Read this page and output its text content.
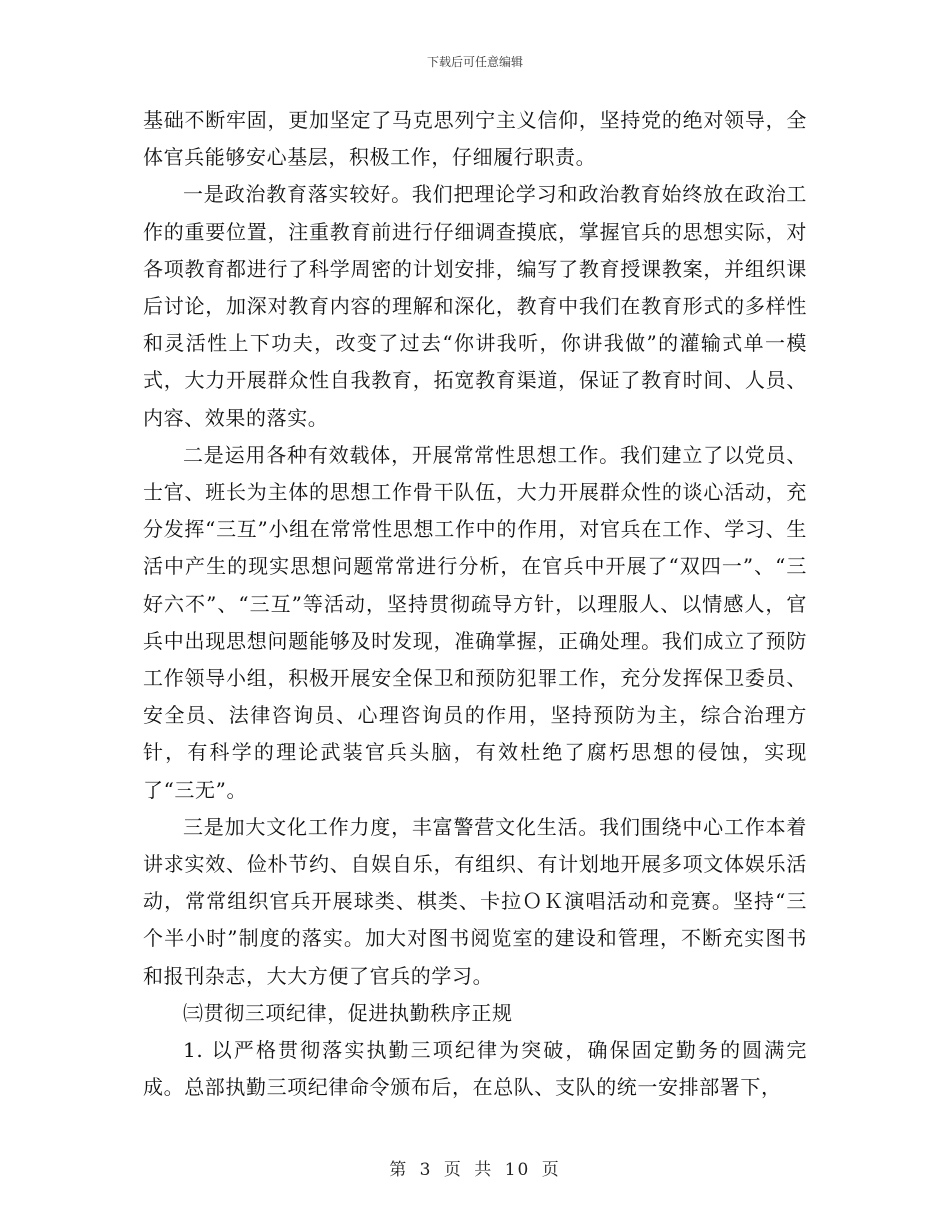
下载后可任意编辑

基础不断牢固，更加坚定了马克思列宁主义信仰，坚持党的绝对领导，全体官兵能够安心基层，积极工作，仔细履行职责。

一是政治教育落实较好。我们把理论学习和政治教育始终放在政治工作的重要位置，注重教育前进行仔细调查摸底，掌握官兵的思想实际，对各项教育都进行了科学周密的计划安排，编写了教育授课教案，并组织课后讨论，加深对教育内容的理解和深化，教育中我们在教育形式的多样性和灵活性上下功夫，改变了过去“你讲我听，你讲我做”的灌输式单一模式，大力开展群众性自我教育，拓宽教育渠道，保证了教育时间、人员、内容、效果的落实。

二是运用各种有效载体，开展常常性思想工作。我们建立了以党员、士官、班长为主体的思想工作骨干队伍，大力开展群众性的谈心活动，充分发挥“三互”小组在常常性思想工作中的作用，对官兵在工作、学习、生活中产生的现实思想问题常常进行分析，在官兵中开展了“双四一”、“三好六不”、“三互”等活动，坚持贯彻疏导方针，以理服人、以情感人，官兵中出现思想问题能够及时发现，准确掌握，正确处理。我们成立了预防工作领导小组，积极开展安全保卫和预防犯罪工作，充分发挥保卫委员、安全员、法律咨询员、心理咨询员的作用，坚持预防为主，综合治理方针，有科学的理论武装官兵头脑，有效杜绝了腐朽思想的侵蚀，实现了“三无”。

三是加大文化工作力度，丰富警营文化生活。我们围绕中心工作本着讲求实效、俭朴节约、自娱自乐，有组织、有计划地开展多项文体娱乐活动，常常组织官兵开展球类、棋类、卡拉ＯＫ演唱活动和竞赛。坚持“三个半小时”制度的落实。加大对图书阅览室的建设和管理，不断充实图书和报刊杂志，大大方便了官兵的学习。

㈢贯彻三项纪律，促进执勤秩序正规

1. 以严格贯彻落实执勤三项纪律为突破，确保固定勤务的圆满完成。总部执勤三项纪律命令颁布后，在总队、支队的统一安排部署下，

第 3 页 共 10 页
